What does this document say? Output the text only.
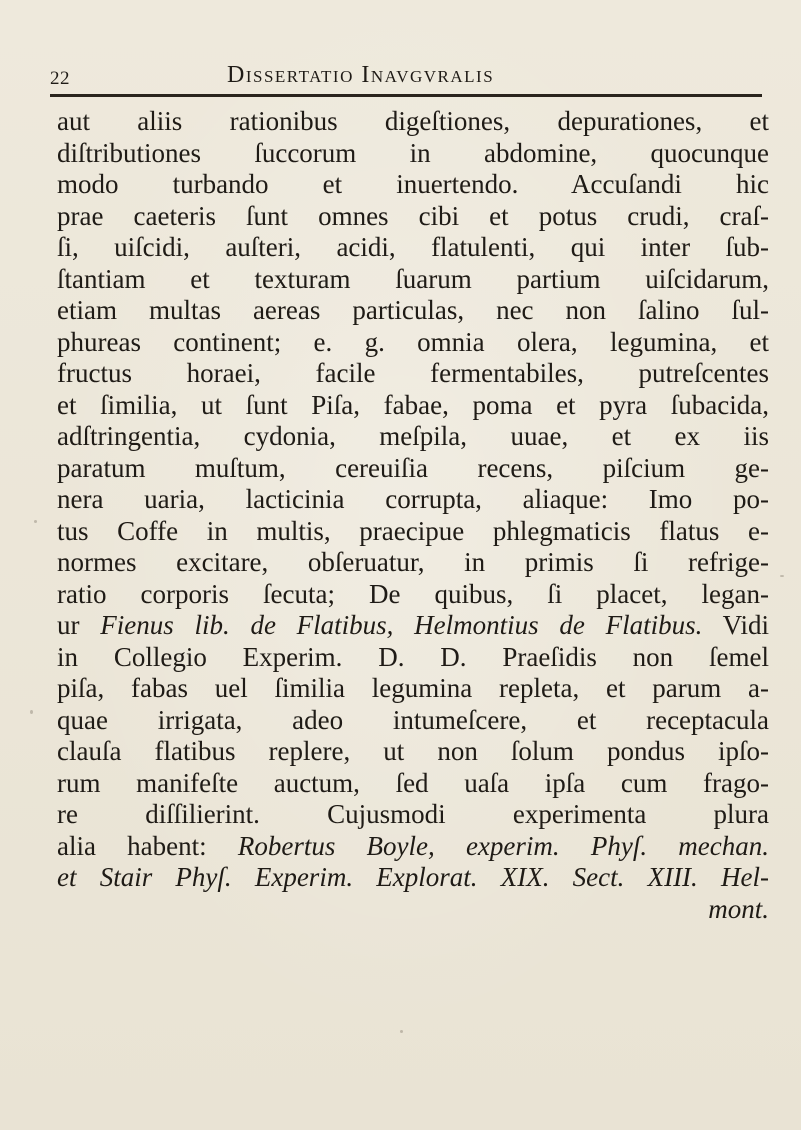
22	Dissertatio Inavgvralis
aut aliis rationibus digeſtiones, depurationes, et
diſtributiones ſuccorum in abdomine, quocunque
modo turbando et inuertendo. Accuſandi hic
prae caeteris ſunt omnes cibi et potus crudi, craſ-
ſi, uiſcidi, auſteri, acidi, flatulenti, qui inter ſub-
ſtantiam et texturam ſuarum partium uiſcidarum,
etiam multas aereas particulas, nec non ſalino ſul-
phureas continent; e. g. omnia olera, legumina, et
fructus horaei, facile fermentabiles, putreſcentes
et ſimilia, ut ſunt Piſa, fabae, poma et pyra ſubacida,
adſtringentia, cydonia, meſpila, uuae, et ex iis
paratum muſtum, cereuiſia recens, piſcium ge-
nera uaria, lacticinia corrupta, aliaque: Imo po-
tus Coffe in multis, praecipue phlegmaticis flatus e-
normes excitare, obſeruatur, in primis ſi refrige-
ratio corporis ſecuta; De quibus, ſi placet, legan-
ur Fienus lib. de Flatibus, Helmontius de Flatibus. Vidi
in Collegio Experim. D. D. Praeſidis non ſemel
piſa, fabas uel ſimilia legumina repleta, et parum a-
quae irrigata, adeo intumeſcere, et receptacula
clauſa flatibus replere, ut non ſolum pondus ipſo-
rum manifeſte auctum, ſed uaſa ipſa cum frago-
re diſſilierint. Cujusmodi experimenta plura
alia habent: Robertus Boyle, experim. Phyſ. mechan.
et Stair Phyſ. Experim. Explorat. XIX. Sect. XIII. Hel-
mont.
